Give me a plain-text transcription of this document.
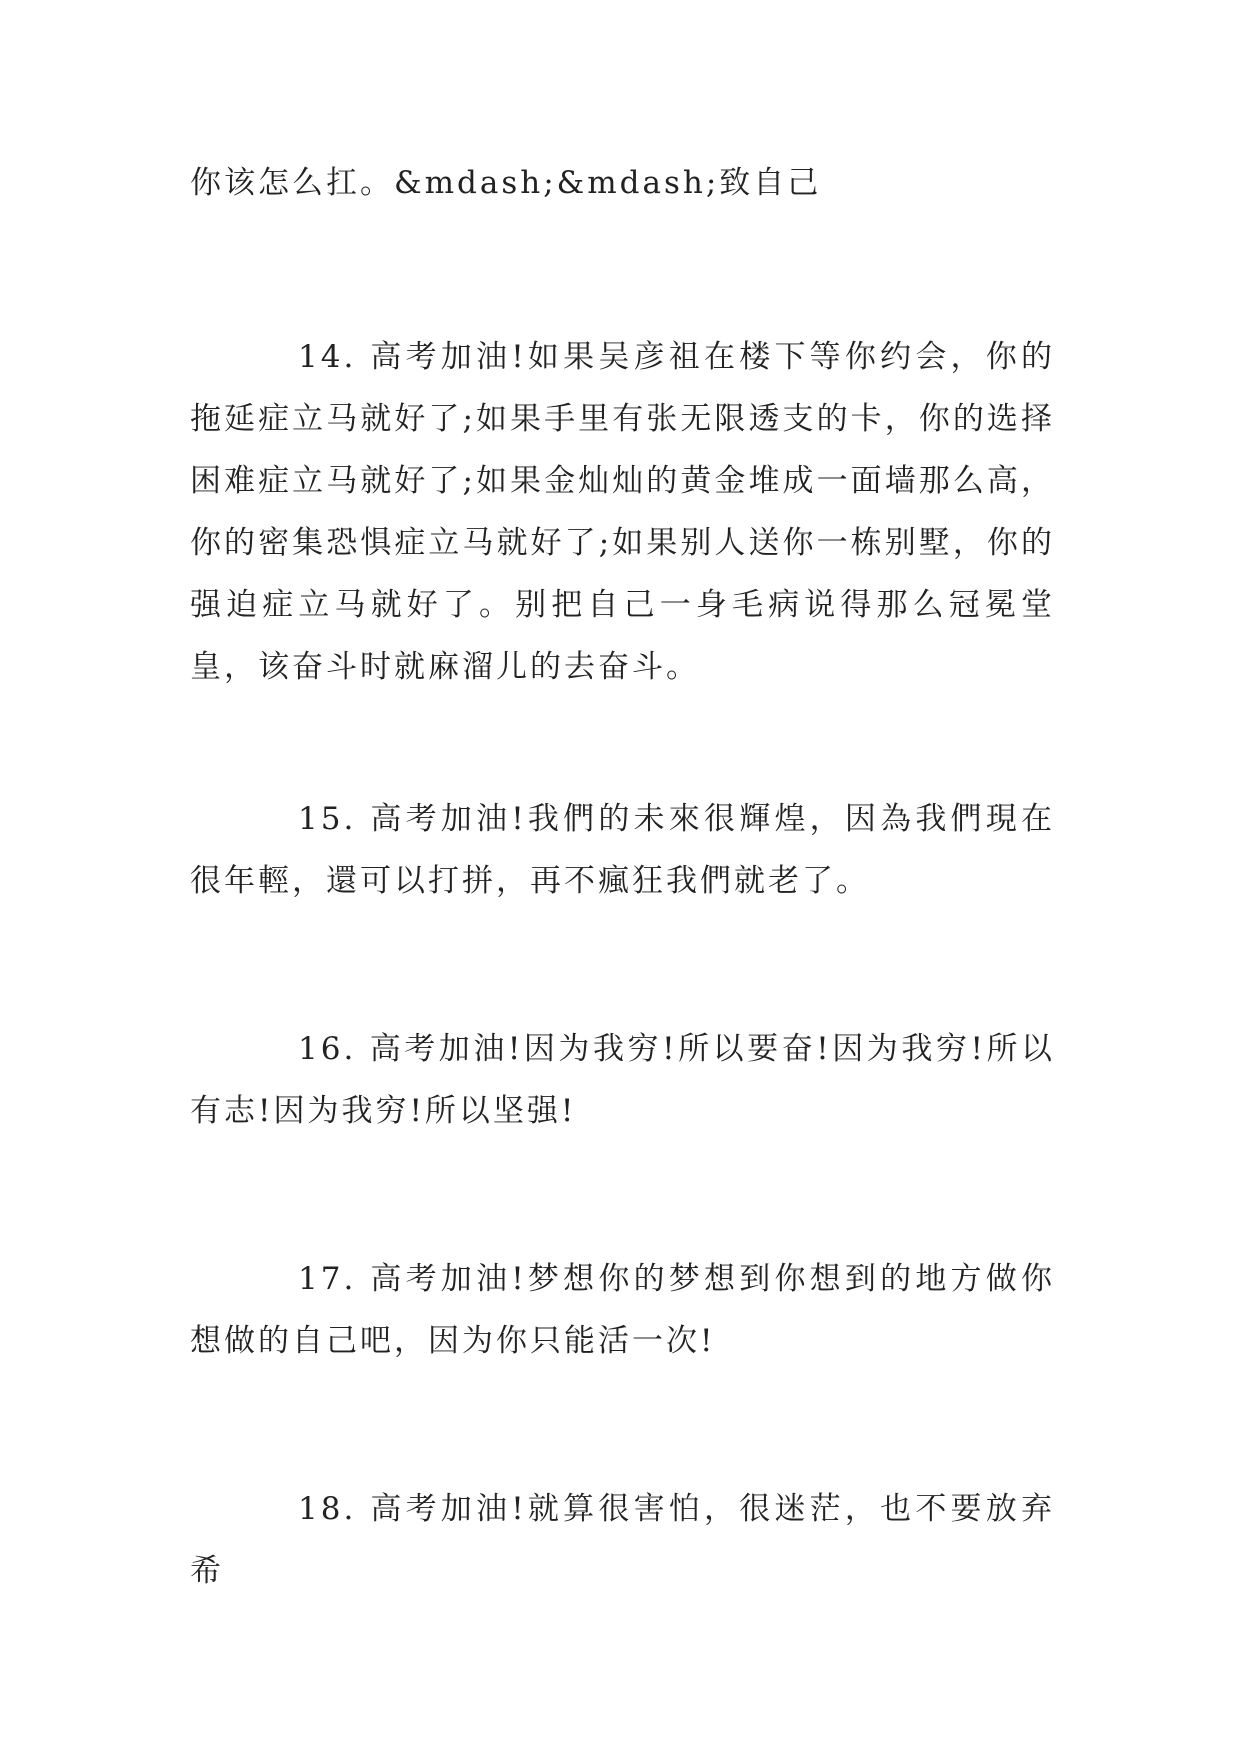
你该怎么扛。&mdash;&mdash;致自己

14. 高考加油!如果吴彦祖在楼下等你约会，你的拖延症立马就好了;如果手里有张无限透支的卡，你的选择困难症立马就好了;如果金灿灿的黄金堆成一面墙那么高，你的密集恐惧症立马就好了;如果别人送你一栋别墅，你的强迫症立马就好了。别把自己一身毛病说得那么冠冕堂皇，该奋斗时就麻溜儿的去奋斗。

15. 高考加油!我們的未來很輝煌，因為我們現在很年輕，還可以打拼，再不瘋狂我們就老了。

16. 高考加油!因为我穷!所以要奋!因为我穷!所以有志!因为我穷!所以坚强!

17. 高考加油!梦想你的梦想到你想到的地方做你想做的自己吧，因为你只能活一次!

18. 高考加油!就算很害怕，很迷茫，也不要放弃希
